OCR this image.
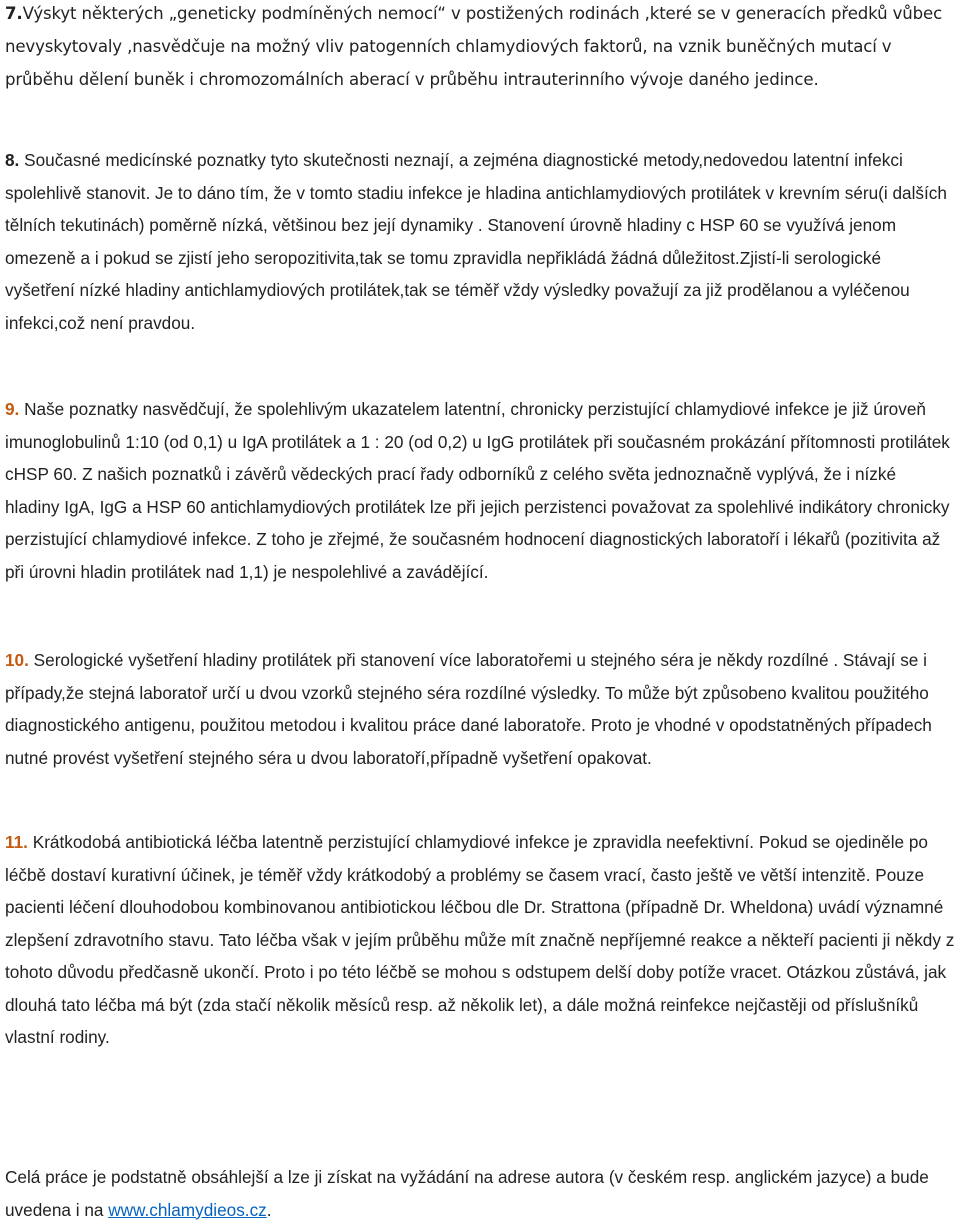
7.Výskyt některých „geneticky podmíněných nemocí“ v postižených rodinách ,které se v generacích předků vůbec nevyskytovaly ,nasvědčuje na možný vliv patogenních chlamydiových faktorů, na vznik buněčných mutací v průběhu dělení buněk i chromozomálních aberací v průběhu intrauterinního vývoje daného jedince.

8. Současné medicínské poznatky tyto skutečnosti neznají, a zejména diagnostické metody,nedovedou latentní infekci spolehlivě stanovit. Je to dáno tím, že v tomto stadiu infekce je hladina antichlamydiových protilátek v krevním séru(i dalších tělních tekutinách) poměrně nízká, většinou bez její dynamiky . Stanovení úrovně hladiny c HSP 60 se využívá jenom omezeně a i pokud se zjistí jeho seropozitivita,tak se tomu zpravidla nepřikládá žádná důležitost.Zjistí-li serologické vyšetření nízké hladiny antichlamydiových protilátek,tak se téměř vždy výsledky považují za již prodělanou a vyléčenou infekci,což není pravdou.

9. Naše poznatky nasvědčují, že spolehlivým ukazatelem latentní, chronicky perzistující chlamydiové infekce je již úroveň imunoglobulinů 1:10 (od 0,1) u IgA protilátek a 1 : 20 (od 0,2) u IgG protilátek při současném prokázání přítomnosti protilátek cHSP 60. Z našich poznatků i závěrů vědeckých prací řady odborníků z celého světa jednoznačně vyplývá, že i nízké hladiny IgA, IgG a HSP 60 antichlamydiových protilátek lze při jejich perzistenci považovat za spolehlivé indikátory chronicky perzistující chlamydiové infekce. Z toho je zřejmé, že současném hodnocení diagnostických laboratoří i lékařů (pozitivita až při úrovni hladin protilátek nad 1,1) je nespolehlivé a zavádějící.

10. Serologické vyšetření hladiny protilátek při stanovení více laboratořemi u stejného séra je někdy rozdílné . Stávají se i případy,že stejná laboratoř určí u dvou vzorků stejného séra rozdílné výsledky. To může být způsobeno kvalitou použitého diagnostického antigenu, použitou metodou i kvalitou práce dané laboratoře. Proto je vhodné v opodstatněných případech nutné provést vyšetření stejného séra u dvou laboratoří,případně vyšetření opakovat.

11. Krátkodobá antibiotická léčba latentně perzistující chlamydiové infekce je zpravidla neefektivní. Pokud se ojediněle po léčbě dostaví kurativní účinek, je téměř vždy krátkodobý a problémy se časem vrací, často ještě ve větší intenzitě. Pouze pacienti léčení dlouhodobou kombinovanou antibiotickou léčbou dle Dr. Strattona (případně Dr. Wheldona) uvádí významné zlepšení zdravotního stavu. Tato léčba však v jejím průběhu může mít značně nepříjemné reakce a někteří pacienti ji někdy z tohoto důvodu předčasně ukončí. Proto i po této léčbě se mohou s odstupem delší doby potíže vracet. Otázkou zůstává, jak dlouhá tato léčba má být (zda stačí několik měsíců resp. až několik let), a dále možná reinfekce nejčastěji od příslušníků vlastní rodiny.

Celá práce je podstatně obsáhlejší a lze ji získat na vyžádání na adrese autora (v českém resp. anglickém jazyce) a bude uvedena i na www.chlamydieos.cz.
